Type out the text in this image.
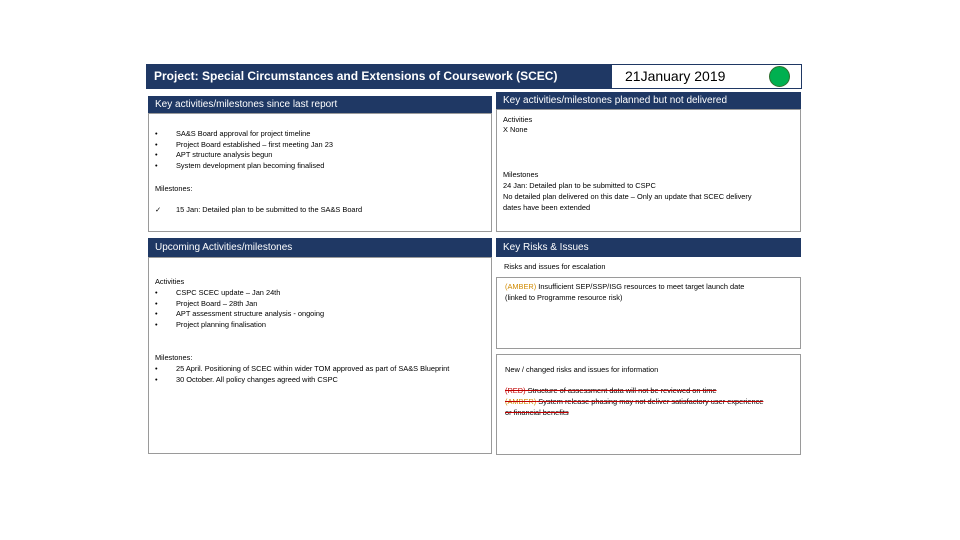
Project: Special Circumstances and Extensions of Coursework (SCEC)	21January 2019
Key activities/milestones since last report
• SA&S Board approval for project timeline
• Project Board established – first meeting Jan 23
• APT structure analysis begun
• System development plan becoming finalised
Milestones:
✓ 15 Jan: Detailed plan to be submitted to the SA&S Board
Key activities/milestones planned but not delivered
Activities
X None
Milestones
24 Jan: Detailed plan to be submitted to CSPC
No detailed plan delivered on this date – Only an update that SCEC delivery
dates have been extended
Upcoming Activities/milestones
Activities
• CSPC SCEC update – Jan 24th
• Project Board – 28th Jan
• APT assessment structure analysis - ongoing
• Project planning finalisation
Milestones:
• 25 April. Positioning of SCEC within wider TOM approved as part of SA&S Blueprint
• 30 October. All policy changes agreed with CSPC
Key Risks & Issues
Risks and issues for escalation
(AMBER) Insufficient SEP/SSP/ISG resources to meet target launch date
(linked to Programme resource risk)
New / changed risks and issues for information
(RED) Structure of assessment data will not be reviewed on time
(AMBER) System release phasing may not deliver satisfactory user experience
or financial benefits
